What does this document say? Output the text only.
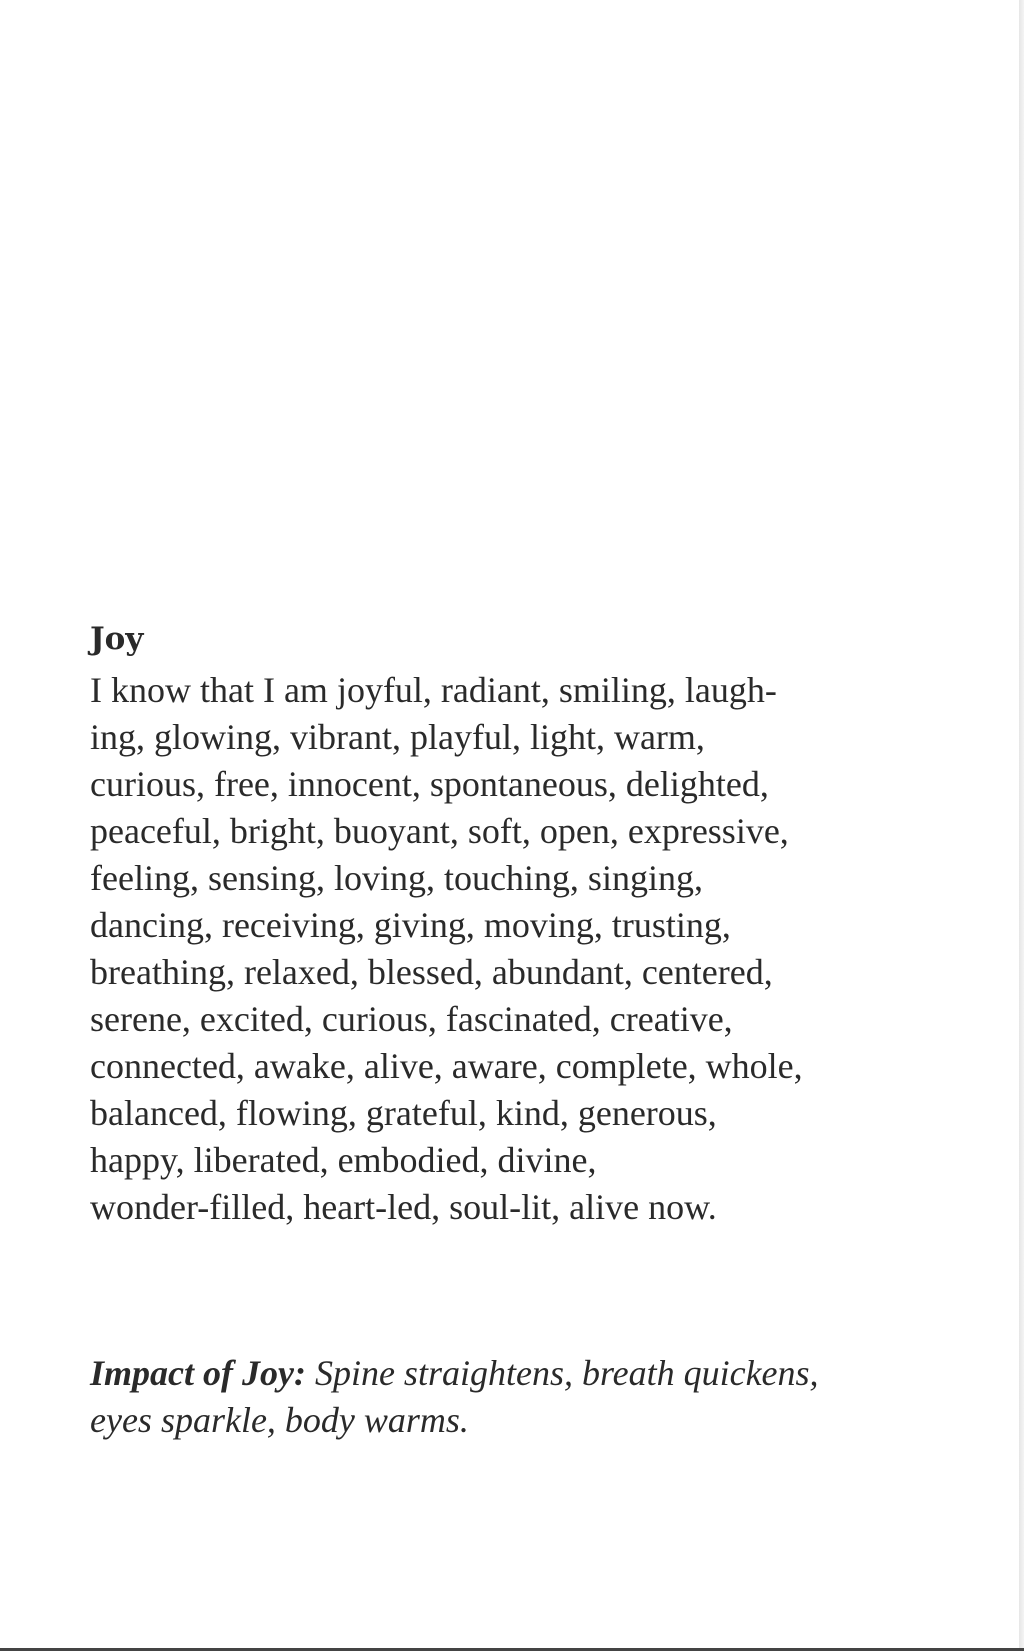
Joy

I know that I am joyful, radiant, smiling, laugh-
ing, glowing, vibrant, playful, light, warm,
curious, free, innocent, spontaneous, delighted,
peaceful, bright, buoyant, soft, open, expressive,
feeling, sensing, loving, touching, singing,
dancing, receiving, giving, moving, trusting,
breathing, relaxed, blessed, abundant, centered,
serene, excited, curious, fascinated, creative,
connected, awake, alive, aware, complete, whole,
balanced, flowing, grateful, kind, generous,
happy, liberated, embodied, divine,
wonder-filled, heart-led, soul-lit, alive now.

Impact of Joy: Spine straightens, breath quickens,
eyes sparkle, body warms.
